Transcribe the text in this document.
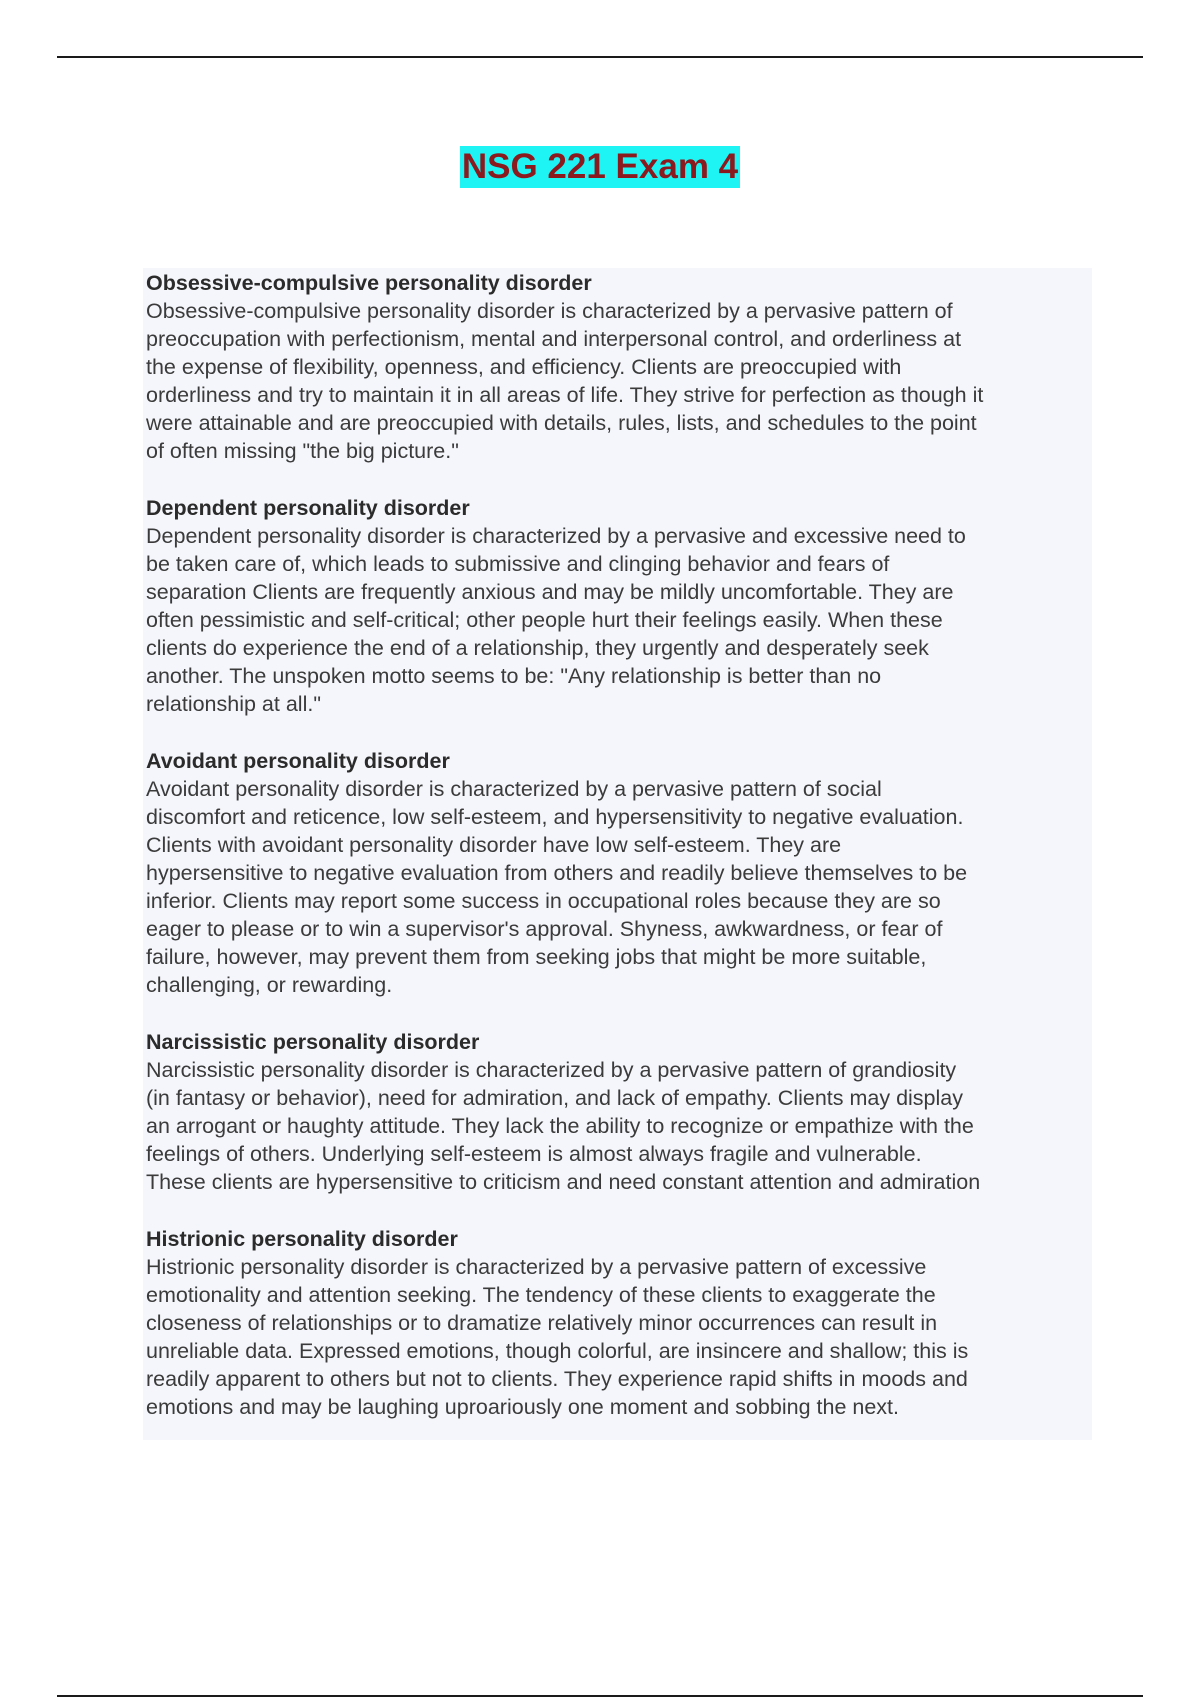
NSG 221 Exam 4

Obsessive-compulsive personality disorder

Obsessive-compulsive personality disorder is characterized by a pervasive pattern of
preoccupation with perfectionism, mental and interpersonal control, and orderliness at
the expense of flexibility, openness, and efficiency. Clients are preoccupied with
orderliness and try to maintain it in all areas of life. They strive for perfection as though it
were attainable and are preoccupied with details, rules, lists, and schedules to the point
of often missing "the big picture."

Dependent personality disorder

Dependent personality disorder is characterized by a pervasive and excessive need to
be taken care of, which leads to submissive and clinging behavior and fears of
separation Clients are frequently anxious and may be mildly uncomfortable. They are
often pessimistic and self-critical; other people hurt their feelings easily. When these
clients do experience the end of a relationship, they urgently and desperately seek
another. The unspoken motto seems to be: "Any relationship is better than no
relationship at all."

Avoidant personality disorder

Avoidant personality disorder is characterized by a pervasive pattern of social
discomfort and reticence, low self-esteem, and hypersensitivity to negative evaluation.
Clients with avoidant personality disorder have low self-esteem. They are
hypersensitive to negative evaluation from others and readily believe themselves to be
inferior. Clients may report some success in occupational roles because they are so
eager to please or to win a supervisor's approval. Shyness, awkwardness, or fear of
failure, however, may prevent them from seeking jobs that might be more suitable,
challenging, or rewarding.

Narcissistic personality disorder

Narcissistic personality disorder is characterized by a pervasive pattern of grandiosity
(in fantasy or behavior), need for admiration, and lack of empathy. Clients may display
an arrogant or haughty attitude. They lack the ability to recognize or empathize with the
feelings of others. Underlying self-esteem is almost always fragile and vulnerable.
These clients are hypersensitive to criticism and need constant attention and admiration

Histrionic personality disorder

Histrionic personality disorder is characterized by a pervasive pattern of excessive
emotionality and attention seeking. The tendency of these clients to exaggerate the
closeness of relationships or to dramatize relatively minor occurrences can result in
unreliable data. Expressed emotions, though colorful, are insincere and shallow; this is
readily apparent to others but not to clients. They experience rapid shifts in moods and
emotions and may be laughing uproariously one moment and sobbing the next.
